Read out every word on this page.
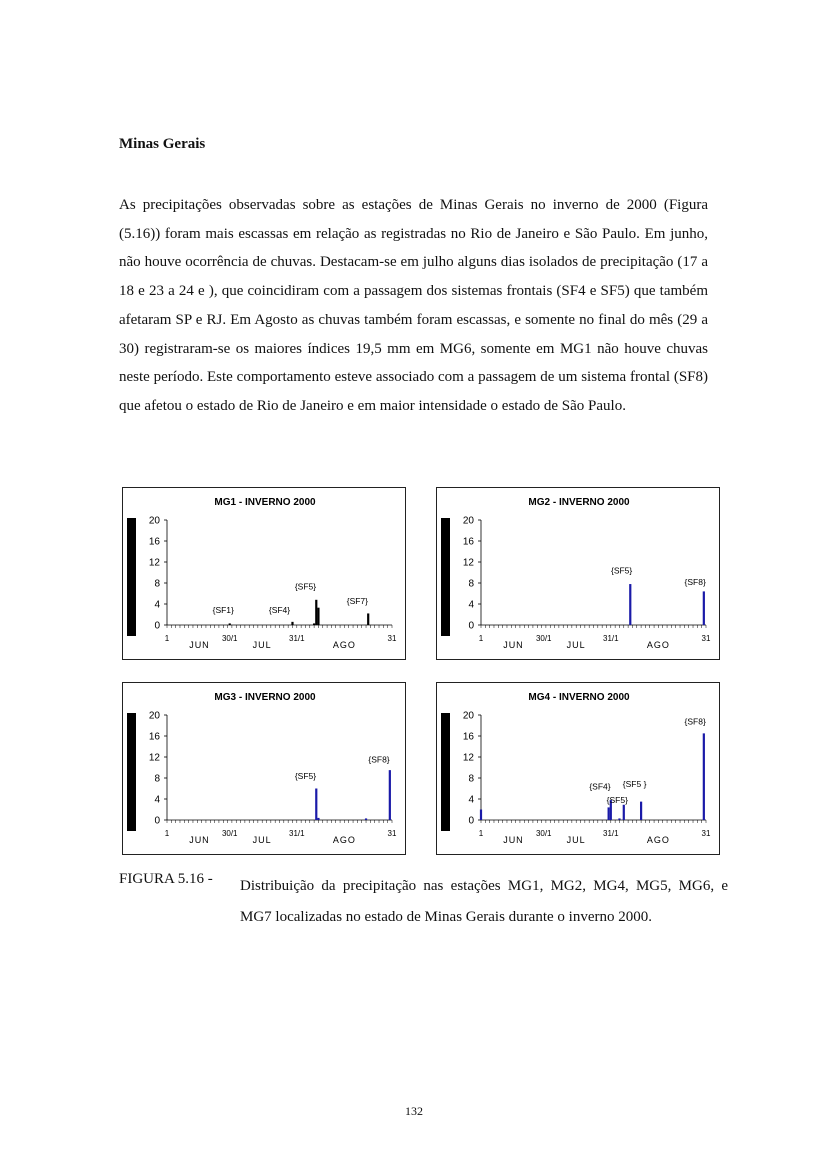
Minas Gerais

As precipitações observadas sobre as estações de Minas Gerais no inverno de 2000 (Figura (5.16)) foram mais escassas em relação as registradas no Rio de Janeiro e São Paulo. Em junho, não houve ocorrência de chuvas. Destacam-se em julho alguns dias isolados de precipitação (17 a 18 e 23 a 24 e ), que coincidiram com a passagem dos sistemas frontais (SF4 e SF5) que também afetaram SP e RJ. Em Agosto as chuvas também foram escassas, e somente no final do mês (29 a 30) registraram-se os maiores índices 19,5 mm em MG6, somente em MG1 não houve chuvas neste período. Este comportamento esteve associado com a passagem de um sistema frontal (SF8) que afetou o estado de Rio de Janeiro e em maior intensidade o estado de São Paulo.

MG1 - INVERNO 2000
0
4
8
12
16
20
1	30/1	31/1	31
JUN	JUL	AGO
{SF1}	{SF4}
{SF5}
{SF7}
MG2 - INVERNO 2000
0
4
8
12
16
20
1	30/1	31/1	31
JUN	JUL	AGO
{SF5}
{SF8}
MG3 - INVERNO 2000
0
4
8
12
16
20
1	30/1	31/1	31
JUN	JUL	AGO
{SF5}
{SF8}
MG4 - INVERNO 2000
0
4
8
12
16
20
1	30/1	31/1	31
JUN	JUL	AGO
{SF4}
{SF5}
{SF5 }
{SF8}
FIGURA 5.16 - Distribuição da precipitação nas estações MG1, MG2, MG4, MG5, MG6, e MG7 localizadas no estado de Minas Gerais durante o inverno 2000.

132
